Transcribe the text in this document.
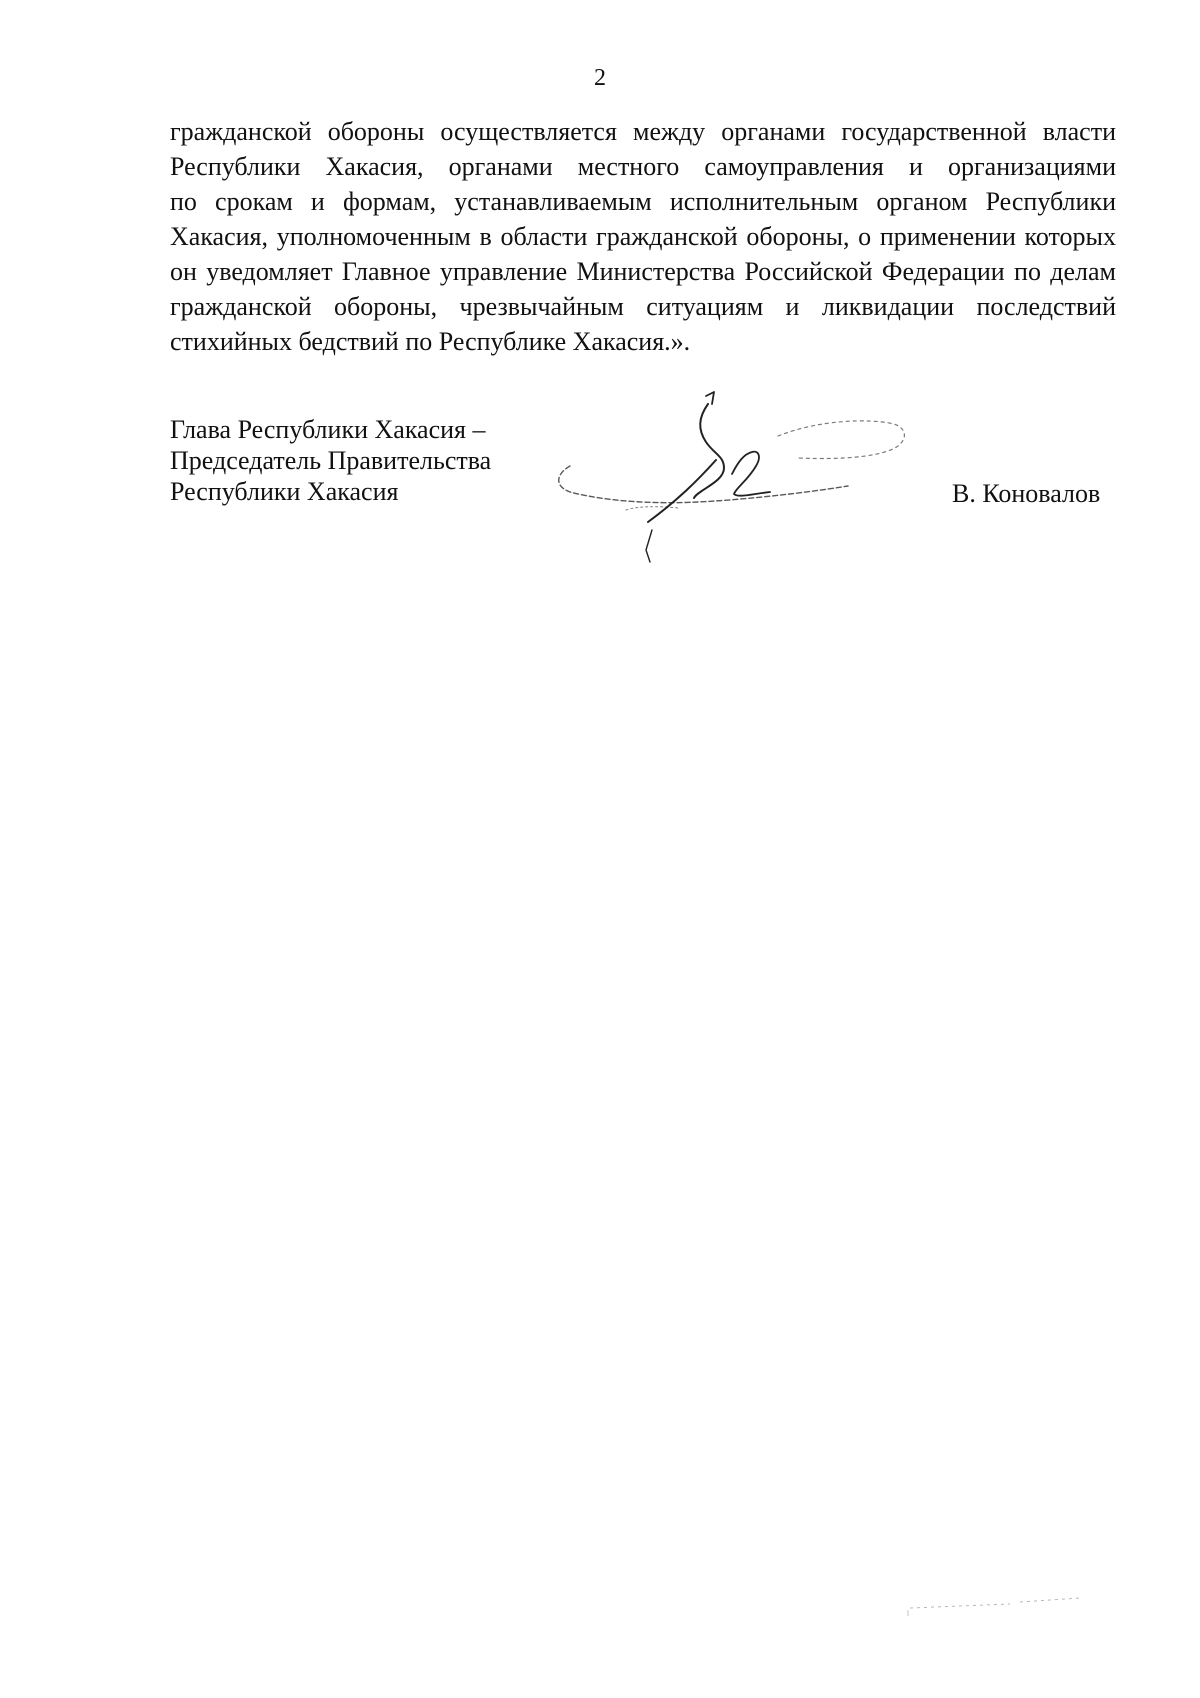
2

гражданской обороны осуществляется между органами государственной власти
Республики Хакасия, органами местного самоуправления и организациями
по срокам и формам, устанавливаемым исполнительным органом Республики
Хакасия, уполномоченным в области гражданской обороны, о применении которых
он уведомляет Главное управление Министерства Российской Федерации по делам
гражданской обороны, чрезвычайным ситуациям и ликвидации последствий
стихийных бедствий по Республике Хакасия.».

Глава Республики Хакасия –
Председатель Правительства
Республики Хакасия	В. Коновалов
